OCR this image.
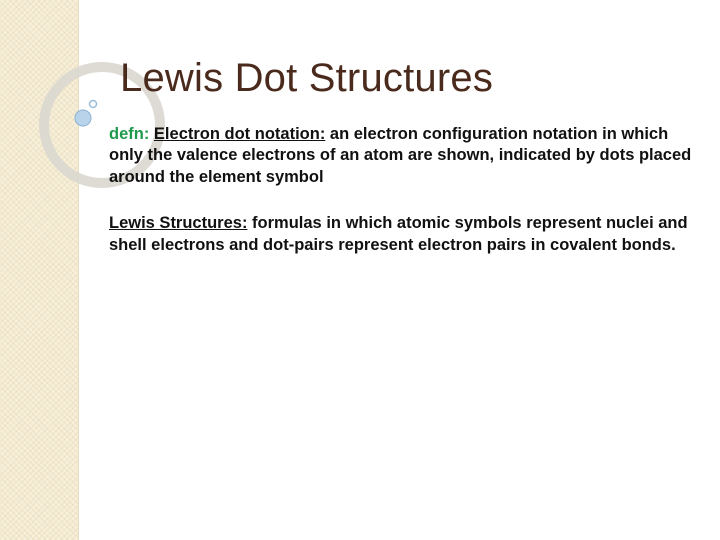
Lewis Dot Structures

defn: Electron dot notation: an electron configuration notation in which only the valence electrons of an atom are shown, indicated by dots placed around the element symbol

Lewis Structures: formulas in which atomic symbols represent nuclei and shell electrons and dot-pairs represent electron pairs in covalent bonds.
